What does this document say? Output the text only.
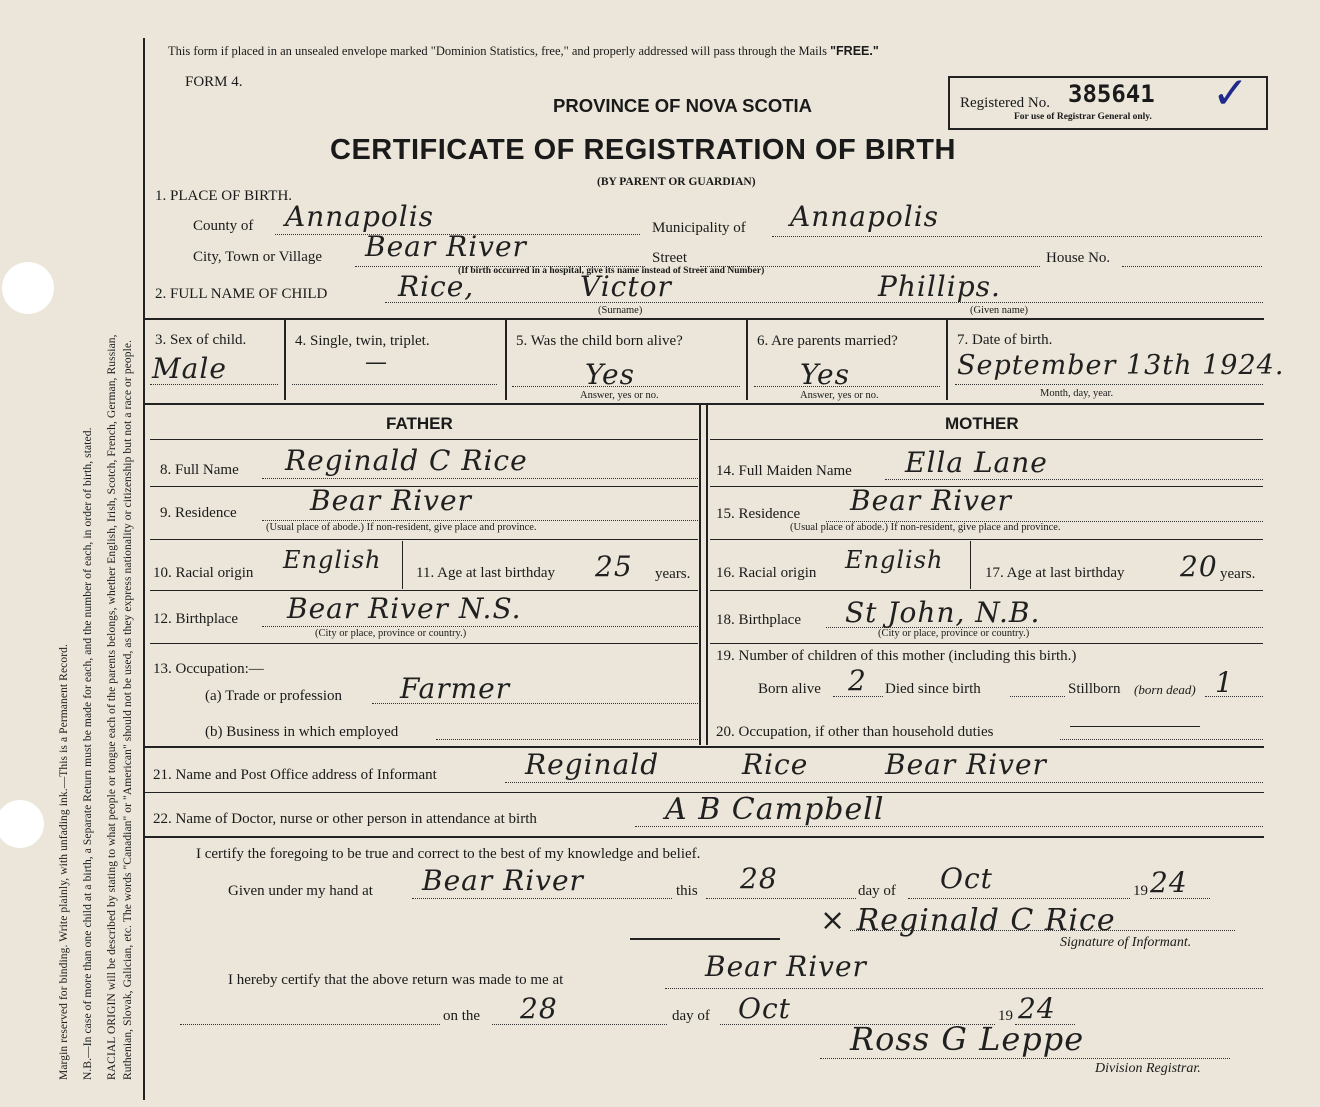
Margin reserved for binding. Write plainly, with unfading ink.—This is a Permanent Record. N.B.—In case of more than one child at a birth, a Separate Return must be made for each, and the number of each, in order of birth, stated. RACIAL ORIGIN will be described by stating to what people or tongue each of the parents belongs, whether English, Irish, Scotch, French, German, Russian, Ruthenian, Slovak, Galician, etc. The words "Canadian" or "American" should not be used, as they express nationality or citizenship but not a race or people.
This form if placed in an unsealed envelope marked "Dominion Statistics, free," and properly addressed will pass through the Mails "FREE."
FORM 4.
PROVINCE OF NOVA SCOTIA	Registered No. 385641
For use of Registrar General only. ✓
CERTIFICATE OF REGISTRATION OF BIRTH
(BY PARENT OR GUARDIAN)
1. PLACE OF BIRTH.
County of Annapolis	Municipality of Annapolis
City, Town or Village Bear River	Street	House No.
(If birth occurred in a hospital, give its name instead of Street and Number)
2. FULL NAME OF CHILD	Rice,	Victor	Phillips.
(Surname)	(Given name)
3. Sex of child.
Male
4. Single, twin, triplet.
—
5. Was the child born alive?
Yes
Answer, yes or no.
6. Are parents married?
Yes
Answer, yes or no.
7. Date of birth.
September 13th 1924.
Month, day, year.
FATHER	MOTHER
8. Full Name Reginald C Rice
9. Residence	Bear River
(Usual place of abode.) If non-resident, give place and province.
10. Racial origin English 11. Age at last birthday 25 years.
12. Birthplace Bear River N.S.
(City or place, province or country.)
13. Occupation:—
(a) Trade or profession Farmer
(b) Business in which employed
14. Full Maiden Name Ella Lane
15. Residence Bear River
(Usual place of abode.) If non-resident, give place and province.
16. Racial origin English	17. Age at last birthday 20 years.
18. Birthplace St John, N.B.
(City or place, province or country.)
19. Number of children of this mother (including this birth.)
Born alive 2 Died since birth	Stillborn (born dead) 1
20. Occupation, if other than household duties
21. Name and Post Office address of Informant	Reginald	Rice	Bear River
22. Name of Doctor, nurse or other person in attendance at birth	A B Campbell
I certify the foregoing to be true and correct to the best of my knowledge and belief.
Given under my hand at Bear River	this 28	day of Oct	19 24
× Reginald C Rice
Signature of Informant.
I hereby certify that the above return was made to me at	Bear River
on the 28	day of Oct	19 24
Ross G Leppe
Division Registrar.
